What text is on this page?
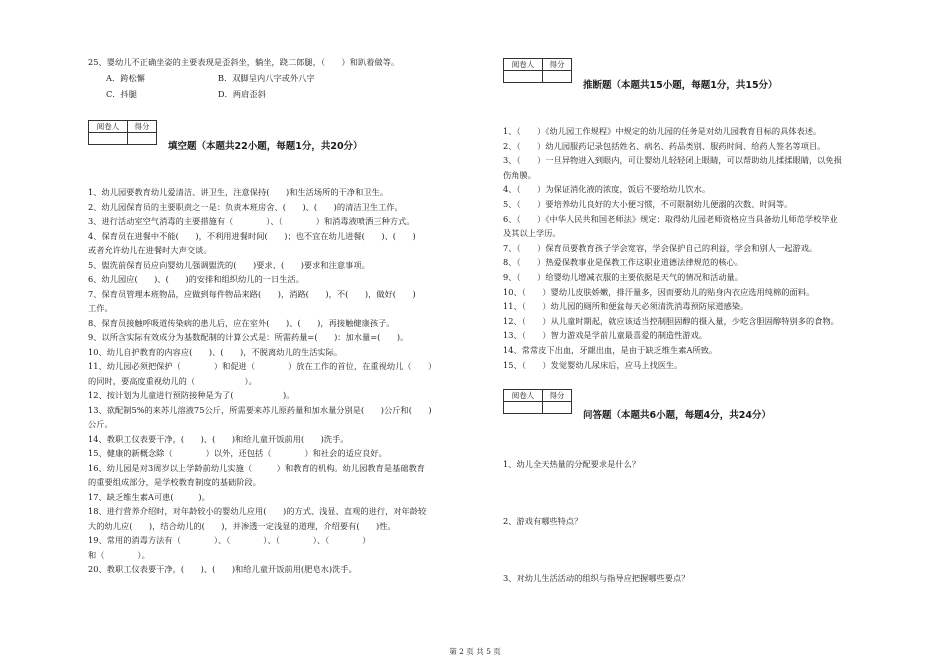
25、婴幼儿不正确坐姿的主要表现是歪斜坐，躺坐，跷二郎腿，（　　）和趴着做等。
A．跨松懈	B．双脚呈内八字或外八字
C．抖腿	D．两肩歪斜
阅卷人	得分

填空题（本题共22小题，每题1分，共20分）
1、幼儿园要教育幼儿爱清洁、讲卫生，注意保持(　　)和生活场所的干净和卫生。
2、幼儿园保育员的主要职责之一是：负责本班房舍、(　　)、(　　)的清洁卫生工作。
3、进行活动室空气消毒的主要措施有（　　　　）、（　　　　）和消毒液喷洒三种方式。
4、保育员在进餐中不能(　　)，不利用进餐时间(　　)；也不宜在幼儿进餐(　　)、(　　)
或者允许幼儿在进餐时大声交谈。
5、盥洗前保育员应向婴幼儿强调盥洗的(　　)要求、(　　)要求和注意事项。
6、幼儿园应(　　)、(　　)的安排和组织幼儿的一日生活。
7、保育员管理本班物品，应做到每件物品来路(　　)，消路(　　)，不(　　)，做好(　　)
工作。
8、保育员接触呼吸道传染病的患儿后，应在室外(　　)、(　　)，再接触健康孩子。
9、以所含实际有效成分为基数配制的计算公式是：所需药量=(　　)：加水量=(　　)。
10、幼儿自护教育的内容应(　　)、(　　)，不脱离幼儿的生活实际。
11、幼儿园必须把保护（　　　　）和促进（　　　　）放在工作的首位，在重视幼儿（　　）
的同时，要高度重视幼儿的（　　　　　　）。
12、按计划为儿童进行预防接种是为了(　　　　　　)。
13、欲配制5%的来苏儿溶液75公斤，所需要来苏儿原药量和加水量分别是(　　)公斤和(　　)
公斤。
14、教职工仪表要干净，(　　)、(　　)和给儿童开饭前用(　　)洗手。
15、健康的新概念除（　　　　）以外，还包括（　　　　）和社会的适应良好。
16、幼儿园是对3周岁以上学龄前幼儿实施（　　　）和教育的机构。幼儿园教育是基础教育
的重要组成部分，是学校教育制度的基础阶段。
17、缺乏维生素A可患(　　　)。
18、进行营养介绍时，对年龄较小的婴幼儿应用(　　)的方式、浅显、直观的进行，对年龄较
大的幼儿应(　　)，结合幼儿的(　　)，并渗透一定浅显的道理，介绍要有(　　)性。
19、常用的消毒方法有（　　　　）、（　　　　）、（　　　　）、（　　　　）
和（　　　　）。
20、教职工仪表要干净，(　　)、(　　)和给儿童开饭前用(肥皂水)洗手。
阅卷人	得分

推断题（本题共15小题，每题1分，共15分）
1、（　　）《幼儿园工作规程》中规定的幼儿园的任务是对幼儿园教育目标的具体表述。
2、（　　）幼儿园服药记录包括姓名、病名、药品类别、服药时间、给药人签名等项目。
3、（　　）一旦异物进入到眼内，可让婴幼儿轻轻闭上眼睛，可以帮助幼儿揉揉眼睛，以免损
伤角膜。
4、（　　）为保证消化液的浓度，饭后不要给幼儿饮水。
5、（　　）要培养幼儿良好的大小便习惯，不可限制幼儿便溺的次数、时间等。
6、（　　）《中华人民共和国老师法》规定：取得幼儿园老师资格应当具备幼儿师范学校毕业
及其以上学历。
7、（　　）保育员要教育孩子学会宽容，学会保护自己的利益，学会和别人一起游戏。
8、（　　）热爱保教事业是保教工作这职业道德法律规范的核心。
9、（　　）给婴幼儿增减衣服的主要依据是天气的情况和活动量。
10、（　　）婴幼儿皮肤娇嫩，排汗量多，因而要幼儿的贴身内衣应选用纯棉的面料。
11、（　　）幼儿园的厕所和便盆每天必须清洗消毒预防尿道感染。
12、（　　）从儿童时期起，就应该适当控制胆固醇的摄入量，少吃含胆固醇特别多的食物。
13、（　　）智力游戏是学前儿童最喜爱的制造性游戏。
14、常常皮下出血，牙龈出血，是由于缺乏维生素A所致。
15、（　　）发觉婴幼儿尿床后，应马上找医生。
阅卷人	得分

问答题（本题共6小题，每题4分，共24分）
1、幼儿全天热量的分配要求是什么？
2、游戏有哪些特点？
3、对幼儿生活活动的组织与指导应把握哪些要点？
第 2 页 共 5 页
